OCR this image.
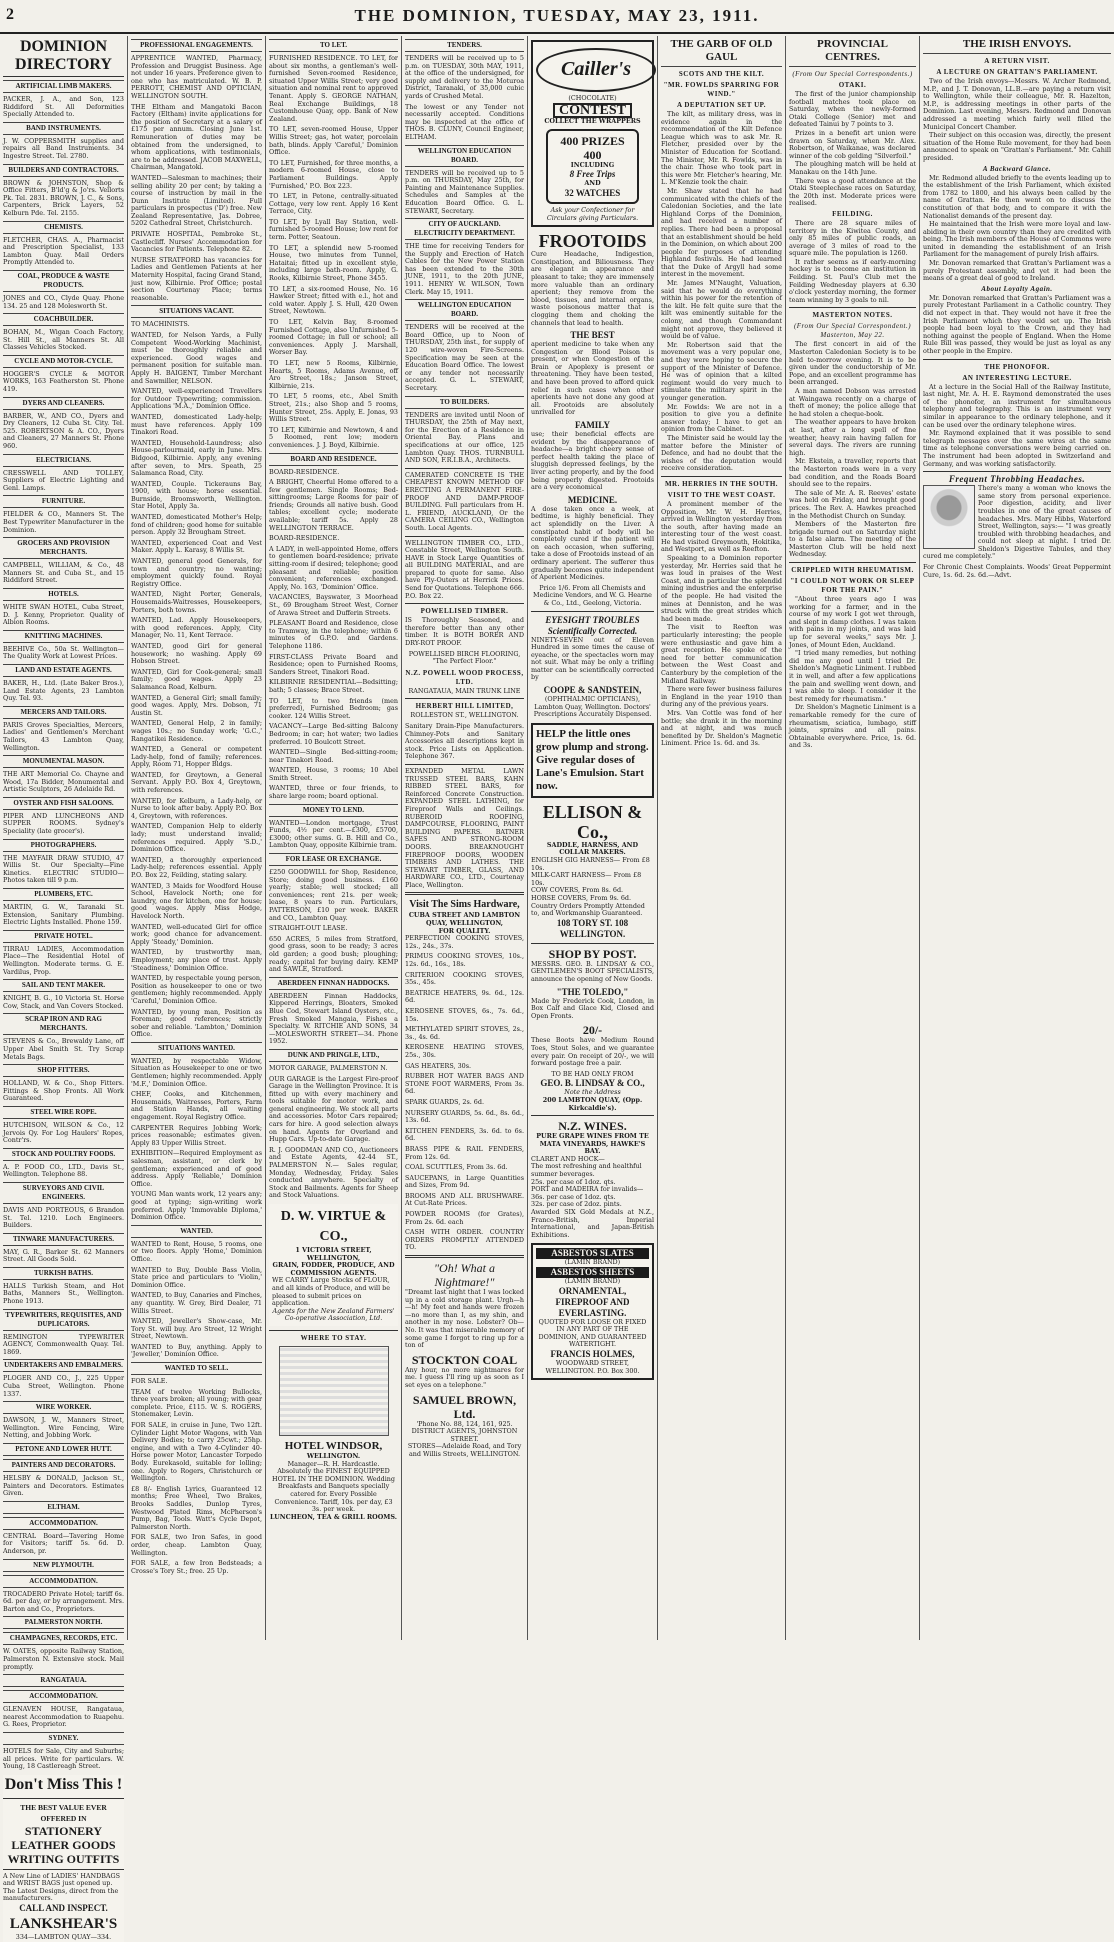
2	THE DOMINION, TUESDAY, MAY 23, 1911.
DOMINION DIRECTORY
ARTIFICIAL LIMB MAKERS.
PACKER, J. A., and Son, 123 Riddiford St. All Deformities Specially Attended to.
BAND INSTRUMENTS.
J. W. COPPERSMITH supplies and repairs all Band Instruments. 34 Ingestre Street. Tel. 2780.
BUILDERS AND CONTRACTORS.
BROWN & JOHNSTON, Shop & Office Fitters, B'ld'g & Jo'rs. Vellorts Pk. Tel. 2831. BROWN, J. C., & Sons, Carpenters, Brick Layers, 52 Kelburn Pde. Tel. 2155.
CHEMISTS.
FLETCHER, CHAS. A., Pharmacist and Prescription Specialist, 133 Lambton Quay. Mail Orders Promptly Attended to.
COAL, PRODUCE & WASTE PRODUCTS.
JONES and CO., Clyde Quay. Phone 134. 25 and 128 Molesworth St.
COACHBUILDER.
BOHAN, M., Wigan Coach Factory, St. Hill St., all Manners St. All Classes Vehicles Stocked.
CYCLE AND MOTOR-CYCLE.
HOGGER'S CYCLE & MOTOR WORKS, 163 Featherston St. Phone 419.
DYERS AND CLEANERS.
BARBER, W., AND CO., Dyers and Dry Cleaners, 12 Cuba St. City. Tel. 525. ROBERTSON & A. CO., Dyers and Cleaners, 27 Manners St. Phone 960.
ELECTRICIANS.
CRESSWELL AND TOLLEY, Suppliers of Electric Lighting and Genl. Lamps.
FURNITURE.
FIELDER & CO., Manners St. The Best Typewriter Manufacturer in the Dominion.
GROCERS AND PROVISION MERCHANTS.
CAMPBELL, WILLIAM, & Co., 48 Manners St. and Cuba St., and 15 Riddiford Street.
HOTELS.
WHITE SWAN HOTEL, Cuba Street, D. J. Kenny, Proprietor. Quality of Albion Rooms.
KNITTING MACHINES.
BEEHIVE Co., 50a St. Wellington—The Quality Work at Lowest Prices.
LAND AND ESTATE AGENTS.
BAKER, H., Ltd. (Late Baker Bros.), Land Estate Agents, 23 Lambton Quy. Tel. 93.
MERCERS AND TAILORS.
PARIS Groves Specialties, Mercers, Ladies' and Gentlemen's Merchant Tailors, 43 Lambton Quay, Wellington.
MONUMENTAL MASON.
THE ART Memorial Co. Chayne and Wood, 17a Bidder, Monumental and Artistic Sculptors, 26 Adelaide Rd.
OYSTER AND FISH SALOONS.
PIPER AND LUNCHEONS AND SUPPER ROOMS. Sydney's Speciality (late grocer's).
PHOTOGRAPHERS.
THE MAYFAIR DRAW STUDIO, 47 Willis St. Our Specialty—Fine Kinetics. ELECTRIC STUDIO—Photos taken till 9 p.m.
PLUMBERS, ETC.
MARTIN, G. W., Taranaki St. Extension, Sanitary Plumbing. Electric Lights Installed. Phone 159.
PRIVATE HOTEL.
TIRRAU LADIES, Accommodation Place—The Residential Hotel of Wellington. Moderate terms. G. E. Vardilus, Prop.
SAIL AND TENT MAKER.
KNIGHT, B. G., 10 Victoria St. Horse Cow, Stack, and Van Covers Stocked.
SCRAP IRON AND RAG MERCHANTS.
STEVENS & Co., Brewaldy Lane, off Upper Abel Smith St. Try Scrap Metals Bags.
SHOP FITTERS.
HOLLAND, W. & Co., Shop Fitters. Fittings & Shop Fronts. All Work Guaranteed.
STEEL WIRE ROPE.
HUTCHISON, WILSON & Co., 12 Jervois Qy. For Log Haulers' Ropes, Contr'rs.
STOCK AND POULTRY FOODS.
A. P. FOOD CO., LTD., Davis St., Wellington. Telephone 88.
SURVEYORS AND CIVIL ENGINEERS.
DAVIS AND PORTEOUS, 6 Brandon St. Tel. 1210. Loch Engineers. Builders.
TINWARE MANUFACTURERS.
MAY, G. R., Barker St. 62 Manners Street. All Goods Sold.
TURKISH BATHS.
HALLS Turkish Steam, and Hot Baths, Manners St., Wellington. Phone 1913.
TYPEWRITERS, REQUISITES, AND DUPLICATORS.
REMINGTON TYPEWRITER AGENCY, Commonwealth Quay. Tel. 1869.
UNDERTAKERS AND EMBALMERS.
PLOGER AND CO., J., 225 Upper Cuba Street, Wellington. Phone 1337.
WIRE WORKER.
DAWSON, J. W., Manners Street, Wellington. Wire Fencing, Wire Netting, and Jobbing Work.
PETONE AND LOWER HUTT.
PAINTERS AND DECORATORS.
HELSBY & DONALD, Jackson St., Painters and Decorators. Estimates Given.
ELTHAM.
ACCOMMODATION.
CENTRAL Board—Tavering Home for Visitors; tariff 5s. 6d. D. Anderson, pr.
NEW PLYMOUTH.
ACCOMMODATION.
TROCADERO Private Hotel; tariff 6s. 6d. per day, or by arrangement. Mrs. Barton and Co., Proprietors.
PALMERSTON NORTH.
CHAMPAGNES, RECORDS, ETC.
W. OATES, opposite Railway Station, Palmerston N. Extensive stock. Mail promptly.
RANGATAUA.
ACCOMMODATION.
GLENAVEN HOUSE, Rangataua, nearest Accommodation to Ruapehu. G. Rees, Proprietor.
SYDNEY.
HOTELS for Sale, City and Suburbs; all prices. Write for particulars. W. Young, 18 Castlereagh Street.
Don't Miss This !
THE BEST VALUE EVER OFFERED IN
STATIONERY
LEATHER GOODS
WRITING OUTFITS
A New Line of LADIES' HANDBAGS and WRIST BAGS just opened up. The Latest Designs, direct from the manufacturers.
CALL AND INSPECT.
LANKSHEAR'S
334—LAMBTON QUAY—334.
PROFESSIONAL ENGAGEMENTS.
APPRENTICE WANTED, Pharmacy, Profession and Druggist Business. Age not under 16 years. Preference given to one who has matriculated. W. B. P. PERROTT, CHEMIST AND OPTICIAN, WELLINGTON SOUTH.
THE Eltham and Mangatoki Bacon Factory (Eltham) invite applications for the position of Secretary at a salary of £175 per annum. Closing June 1st. Remuneration of duties may be obtained from the undersigned, to whom applications, with testimonials, are to be addressed. JACOB MAXWELL, Chairman, Mangatoki.
WANTED—Salesman to machines; their selling ability 20 per cent; by taking a course of instruction by mail in the Dunn Institute (Limited). Full particulars in prospectus ('D') free. New Zealand Representative, Jas. Dobree, 5202 Cathedral Street, Christchurch.
PRIVATE HOSPITAL, Pembroke St., Castlecliff. Nurses' Accommodation for Vacancies for Patients. Telephone 82.
NURSE STRATFORD has vacancies for Ladies and Gentlemen Patients at her Maternity Hospital, facing Grand Stand, just now, Kilbirnie. Prof Office; postal section Courtenay Place; terms reasonable.
SITUATIONS VACANT.
TO MACHINISTS.
WANTED, for Nelson Yards, a Fully Competent Wood-Working Machinist, must be thoroughly reliable and experienced. Good wages and permanent position for suitable man. Apply H. BAIGENT, Timber Merchant and Sawmiller, NELSON.
WANTED, well-experienced Travellers for Outdoor Typewriting; commission. Applications 'M.A.,' Dominion Office.
WANTED, domesticated Lady-help; must have references. Apply 109 Tinakori Road.
WANTED, Household-Laundress; also House-parlourmaid, early in June. Mrs. Bidgood, Kilbirnie. Apply, any evening after seven, to Mrs. Speath, 25 Salamanca Road, City.
WANTED, Couple. Tickerauns Bay, 1900, with house; horse essential. Burnside, Broomsworth, Wellington. Star Hotel, Apply 3a.
WANTED, domesticated Mother's Help; fond of children; good home for suitable person. Apply 32 Brougham Street.
WANTED, experienced Coat and Vest Maker. Apply L. Karasy, 8 Willis St.
WANTED, general good Generals, for town and country; no wanting; employment quickly found. Royal Registry Office.
WANTED, Night Porter, Generals, Housemaids-Waitresses, Housekeepers, Porters, both towns.
WANTED, Lad. Apply Housekeepers, with good references. Apply, City Manager, No. 11, Kent Terrace.
WANTED, good Girl for general housework; no washing. Apply 69 Hobson Street.
WANTED, Girl for Cook-general; small family; good wages. Apply 23 Salamanca Road, Kelburn.
WANTED, a General Girl; small family; good wages. Apply, Mrs. Dobson, 71 Austin St.
WANTED, General Help, 2 in family; wages 10s.; no Sunday work; 'G.C.,' Rangatikei Residence.
WANTED, a General or competent Lady-help, fond of family; references. Apply, Room 71, Hopper Bldgs.
WANTED, for Greytown, a General Servant. Apply P.O. Box 4, Greytown, with references.
WANTED, for Kelburn, a Lady-help, or Nurse to look after baby. Apply P.O. Box 4, Greytown, with references.
WANTED, Companion Help to elderly lady; must understand invalid; references required. Apply 'S.D.,' Dominion Office.
WANTED, a thoroughly experienced Lady-help; references essential. Apply P.O. Box 22, Feilding, stating salary.
WANTED, 3 Maids for Woodford House School, Havelock North; one for laundry, one for kitchen, one for house; good wages. Apply Miss Hodge, Havelock North.
WANTED, well-educated Girl for office work; good chance for advancement. Apply 'Steady,' Dominion.
WANTED, by trustworthy man, Employment; any place of trust. Apply 'Steadiness,' Dominion Office.
WANTED, by respectable young person, Position as housekeeper to one or two gentlemen; highly recommended. Apply 'Careful,' Dominion Office.
WANTED, by young man, Position as Foreman; good references; strictly sober and reliable. 'Lambton,' Dominion Office.
SITUATIONS WANTED.
WANTED, by respectable Widow, Situation as Housekeeper to one or two Gentlemen; highly recommended. Apply 'M.F.,' Dominion Office.
CHEF, Cooks, and Kitchenmen, Housemaids, Waitresses, Porters, Farm and Station Hands, all waiting engagement. Royal Registry Office.
CARPENTER Requires Jobbing Work; prices reasonable; estimates given. Apply 83 Upper Willis Street.
EXHIBITION—Required Employment as salesman, assistant, or clerk by gentleman; experienced and of good address. Apply 'Reliable,' Dominion Office.
YOUNG Man wants work, 12 years any; good at typing; sign-writing work preferred. Apply 'Immovable Diploma,' Dominion Office.
WANTED.
WANTED to Rent, House, 5 rooms, one or two floors. Apply 'Home,' Dominion Office.
WANTED to Buy, Double Bass Violin, State price and particulars to 'Violin,' Dominion Office.
WANTED, to Buy, Canaries and Finches, any quantity. W. Grey, Bird Dealer, 71 Willis Street.
WANTED, Jeweller's Show-case, Mr. Tory St. will buy. Aro Street, 12 Wright Street, Newtown.
WANTED to Buy, anything. Apply to 'Jeweller,' Dominion Office.
WANTED TO SELL.
FOR SALE.
TEAM of twelve Working Bullocks, three years broken; all young; with gear complete. Price, £115. W. S. ROGERS, Stonemaker, Levin.
FOR SALE, in cruise in June, Two 12ft. Cylinder Light Motor Wagons, with Van Delivery Bodies; to carry 25cwt.; 25hp. engine, and with a Two 4-Cylinder 40-Horse power Motor, Lancaster Torpedo Body. Eurekasold, suitable for lolling; one. Apply to Rogers, Christchurch or Wellington.
£8 8/- English Lyrics, Guaranteed 12 months; Free Wheel, Two Brakes, Brooks Saddles, Dunlop Tyres, Westwood Plated Rims, McPherson's Pump, Bag, Tools. Watt's Cycle Depot, Palmerston North.
FOR SALE, two Iron Safes, in good order, cheap. Lambton Quay, Wellington.
FOR SALE, a few Iron Bedsteads; a Crosse's Tory St.; free. 25 Up.
TO LET.
FURNISHED RESIDENCE. TO LET, for about six months, a gentleman's well-furnished Seven-roomed Residence, situated Upper Willis Street; very good situation and nominal rent to approved Tenant. Apply S. GEORGE NATHAN, Real Exchange Buildings, 18 Customhouse Quay, opp. Bank of New Zealand.
TO LET, seven-roomed House, Upper Willis Street; gas, hot water, porcelain bath, blinds. Apply 'Careful,' Dominion Office.
TO LET, Furnished, for three months, a modern 6-roomed House, close to Parliament Buildings. Apply 'Furnished,' P.O. Box 223.
TO LET, in Petone, centrally-situated Cottage, very low rent. Apply 16 Kent Terrace, City.
TO LET, by Lyall Bay Station, well-furnished 5-roomed House; low rent for term. Potter, Seatoun.
TO LET, a splendid new 5-roomed House, two minutes from Tunnel, Hataitai; fitted up in excellent style, including large bath-room. Apply, G. Rooks, Kilbirnie Street, Phone 3455.
TO LET, a six-roomed House, No. 16 Hawker Street; fitted with e.l., hot and cold water. Apply J. S. Hull, 420 Owen Street, Newtown.
TO LET, Kelvin Bay, 8-roomed Furnished Cottage, also Unfurnished 5-roomed Cottage; in full or school; all conveniences. Apply J. Marshall, Worser Bay.
TO LET, new 5 Rooms, Kilbirnie, Hearts, 5 Rooms, Adams Avenue, off Aro Street, 18s.; Janson Street, Kilbirnie, 21s.
TO LET, 5 rooms, etc., Abel Smith Street, 21s.; also Shop and 5 rooms, Hunter Street, 25s. Apply, E. Jonas, 93 Willis Street.
TO LET, Kilbirnie and Newtown, 4 and 5 Roomed, rent low; modern conveniences. J. J. Boyd, Kilbirnie.
BOARD AND RESIDENCE.
BOARD-RESIDENCE.
A BRIGHT, Cheerful Home offered to a few gentlemen. Single Rooms; Bed-sittingrooms; Large Rooms for pair of friends; Grounds all native bush. Good tables; excellent cycle; moderate available; tariff 5s. Apply 28 WELLINGTON TERRACE.
BOARD-RESIDENCE.
A LADY, in well-appointed Home, offers to gentlemen board-residence; private sitting-room if desired; telephone; good pleasant and reliable; position convenient; references exchanged. Apply, No. 163, 'Dominion' Office.
VACANCIES, Bayswater, 3 Moorhead St., 69 Brougham Street West, Corner of Arawa Street and Dufferin Streets.
PLEASANT Board and Residence, close to Tramway, in the telephone; within 6 minutes of G.P.O. and Gardens. Telephone 1186.
FIRST-CLASS Private Board and Residence; open to Furnished Rooms, Sanders Street, Tinakori Road.
KILBIRNIE RESIDENTIAL—Bedsitting; bath; 5 classes; Brace Street.
TO LET, to two friends (men preferred), Furnished Bedroom; gas cooker. 124 Willis Street.
VACANCY—Large Bed-sitting Balcony Bedroom; in car; hot water; two ladies preferred. 10 Boulcott Street.
WANTED—Single Bed-sitting-room; near Tinakori Road.
WANTED, House, 3 rooms; 10 Abel Smith Street.
WANTED, three or four friends, to share large room; board optional.
MONEY TO LEND.
WANTED—London mortgage, Trust Funds, 4½ per cent.—£300, £5700, £3000; other sums. G. B. Hill and Co., Lambton Quay, opposite Kilbirnie tram.
FOR LEASE OR EXCHANGE.
£250 GOODWILL for Shop, Residence, Store; doing good business. £160 yearly; stable; well stocked; all conveniences; rent 21s. per week; lease, 8 years to run. Particulars, PATTERSON, £10 per week. BAKER and CO., Lambton Quay.
STRAIGHT-OUT LEASE.
650 ACRES, 5 miles from Stratford, good grass, soon to be ready; 3 acres old garden; a good bush; ploughing; ready; capital for buying dairy. KEMP and SAWLE, Stratford.
ABERDEEN FINNAN HADDOCKS.
ABERDEEN Finnan Haddocks, Kippered Herrings, Bloaters, Smoked Blue Cod, Stewart Island Oysters, etc., Fresh Smoked Mangaia, Fishes a Specialty. W. RITCHIE AND SONS, 34—MOLESWORTH STREET—34. Phone 1952.
DUNK AND PRINGLE, LTD.,
MOTOR GARAGE, PALMERSTON N.
OUR GARAGE is the Largest Fire-proof Garage in the Wellington Province. It is fitted up with every machinery and tools suitable for motor work, and general engineering. We stock all parts and accessories. Motor Cars repaired; cars for hire. A good selection always on hand. Agents for Overland and Hupp Cars. Up-to-date Garage.
R. J. GOODMAN AND CO., Auctioneers and Estate Agents, 42-44 ST., PALMERSTON N.— Sales regular, Monday, Wednesday, Friday. Sales conducted anywhere. Specialty of Stock and Bailments. Agents for Sheep and Stock Valuations.
D. W. VIRTUE & CO.,
1 VICTORIA STREET, WELLINGTON,
GRAIN, FODDER, PRODUCE, AND COMMISSION AGENTS.
WE CARRY Large Stocks of FLOUR, and all kinds of Produce, and will be pleased to submit prices on application.
Agents for the New Zealand Farmers' Co-operative Association, Ltd.
WHERE TO STAY.
HOTEL WINDSOR,
WELLINGTON.
Manager—R. H. Hardcastle.
Absolutely the FINEST EQUIPPED HOTEL IN THE DOMINION. Wedding Breakfasts and Banquets specially catered for. Every Possible Convenience. Tariff, 10s. per day, £3 3s. per week.
LUNCHEON, TEA & GRILL ROOMS.
TENDERS.
TENDERS will be received up to 5 p.m. on TUESDAY, 30th MAY, 1911, at the office of the undersigned, for supply and delivery to the Moturoa District, Taranaki, of 35,000 cubic yards of Crushed Metal.
The lowest or any Tender not necessarily accepted. Conditions may be inspected at the office of THOS. B. CLUNY, Council Engineer, ELTHAM.
WELLINGTON EDUCATION BOARD.
TENDERS will be received up to 5 p.m. on THURSDAY, May 25th, for Painting and Maintenance Supplies. Schedules and Samples at the Education Board Office. G. L. STEWART, Secretary.
CITY OF AUCKLAND. ELECTRICITY DEPARTMENT.
THE time for receiving Tenders for the Supply and Erection of Hatch Cables for the New Power Station has been extended to the 30th JUNE, 1911, to the 20th JUNE, 1911. HENRY W. WILSON, Town Clerk. May 15, 1911.
WELLINGTON EDUCATION BOARD.
TENDERS will be received at the Board Office, up to Noon of THURSDAY, 25th inst., for supply of 120 wire-woven Fire-Screens. Specification may be seen at the Education Board Office. The lowest or any tender not necessarily accepted. G. L. STEWART, Secretary.
TO BUILDERS.
TENDERS are invited until Noon of THURSDAY, the 25th of May next, for the Erection of a Residence in Oriental Bay. Plans and specifications at our office, 125 Lambton Quay. THOS. TURNBULL AND SON, F.R.I.B.A., Architects.
CAMERATED CONCRETE IS THE CHEAPEST KNOWN METHOD OF ERECTING A PERMANENT FIRE-PROOF AND DAMP-PROOF BUILDING. Full particulars from H. L. FRIEND, AUCKLAND, Or the CAMERA CEILING CO., Wellington South. Local Agents.
WELLINGTON TIMBER CO., LTD., Constable Street, Wellington South. HAVE in Stock Large Quantities of all BUILDING MATERIAL, and are prepared to quote for same. Also have Ply-Outers at Herrick Prices. Send for Quotations. Telephone 666. P.O. Box 22.
POWELLISED TIMBER.
IS Thoroughly Seasoned, and therefore better than any other timber. It is BOTH BORER AND DRY-ROT PROOF.
POWELLISED BIRCH FLOORING, "The Perfect Floor."
N.Z. POWELL WOOD PROCESS, LTD.
RANGATAUA, MAIN TRUNK LINE
HERBERT HILL LIMITED,
ROLLESTON ST., WELLINGTON.
Sanitary Drain-Pipe Manufacturers. Chimney-Pots and Sanitary Accessories all descriptions kept in stock. Price Lists on Application. Telephone 367.
EXPANDED METAL LAWN TRUSSED STEEL BARS, KAHN RIBBED STEEL BARS, for Reinforced Concrete Construction. EXPANDED STEEL LATHING, for Fireproof Walls and Ceilings. RUBEROID ROOFING, DAMPCOURSE, FLOORING, PAINT BUILDING PAPERS. BATNER SAFES AND STRONG-ROOM DOORS. BREAKNOUGHT FIREPROOF DOORS, WOODEN TIMBERS AND LATHES. THE STEWART TIMBER, GLASS, AND HARDWARE CO., LTD., Courtenay Place, Wellington.
Visit The Sims Hardware,
CUBA STREET AND LAMBTON QUAY, WELLINGTON,
FOR QUALITY.
PERFECTION COOKING STOVES, 12s., 24s., 37s.
PRIMUS COOKING STOVES, 10s., 12s. 6d., 16s., 18s.
CRITERION COOKING STOVES, 35s., 45s.
BEATRICE HEATERS, 9s. 6d., 12s. 6d.
KEROSENE STOVES, 6s., 7s. 6d., 15s.
METHYLATED SPIRIT STOVES, 2s., 3s., 4s. 6d.
KEROSENE HEATING STOVES, 25s., 30s.
GAS HEATERS, 30s.
RUBBER HOT WATER BAGS AND STONE FOOT WARMERS, From 3s. 6d.
SPARK GUARDS, 2s. 6d.
NURSERY GUARDS, 5s. 6d., 8s. 6d., 13s. 6d.
KITCHEN FENDERS, 3s. 6d. to 6s. 6d.
BRASS PIPE & RAIL FENDERS, From 12s. 6d.
COAL SCUTTLES, From 3s. 6d.
SAUCEPANS, in Large Quantities and Sizes, From 9d.
BROOMS AND ALL BRUSHWARE. At Cut-Rate Prices.
POWDER ROOMS (for Grates), From 2s. 6d. each
CASH WITH ORDER. COUNTRY ORDERS PROMPTLY ATTENDED TO.
"Oh! What a Nightmare!"
"Dreamt last night that I was locked up in a cold storage plant. Urgh—h—h! My feet and hands were frozen—no more than I, as my shin, and another in my nose. Lobster? Ob—No. It was that miserable memory of some game I forgot to ring up for a ton of
STOCKTON COAL
Any hour, no more nightmares for me. I guess I'll ring up as soon as I set eyes on a telephone."
SAMUEL BROWN, Ltd.
'Phone No. 88, 124, 161, 925.
DISTRICT AGENTS, JOHNSTON STREET.
STORES—Adelaide Road, and Tory and Willis Streets, WELLINGTON.
Cailler's
(CHOCOLATE)
CONTEST
COLLECT THE WRAPPERS
400 PRIZES 400
INCLUDING
8 Free Trips
AND
32 WATCHES
Ask your Confectioner for Circulars giving Particulars.
FROOTOIDS
Cure Headache, Indigestion, Constipation, and Biliousness. They are elegant in appearance and pleasant to take; they are immensely more valuable than an ordinary aperient; they remove from the blood, tissues, and internal organs, waste poisonous matter that is clogging them and choking the channels that lead to health.
THE BEST
aperient medicine to take when any Congestion or Blood Poison is present, or when Congestion of the Brain or Apoplexy is present or threatening. They have been tested, and have been proved to afford quick relief in such cases when other aperients have not done any good at all. Frootoids are absolutely unrivalled for
FAMILY
use; their beneficial effects are evident by the disappearance of headache—a bright cheery sense of perfect health taking the place of sluggish depressed feelings, by the liver acting properly, and by the food being properly digested. Frootoids are a very economical
MEDICINE.
A dose taken once a week, at bedtime, is highly beneficial. They act splendidly on the Liver. A constipated habit of body will be completely cured if the patient will on each occasion, when suffering, take a dose of Frootoids instead of an ordinary aperient. The sufferer thus gradually becomes quite independent of Aperient Medicines.
Price 1/6. From all Chemists and Medicine Vendors, and W. G. Hearne & Co., Ltd., Geelong, Victoria.
EYESIGHT TROUBLES Scientifically Corrected.
NINETY-SEVEN out of Eleven Hundred in some times the cause of eyeache, or the spectacles worn may not suit. What may be only a trifling matter can be scientifically corrected by
COOPE & SANDSTEIN,
(OPHTHALMIC OPTICIANS), Lambton Quay, Wellington. Doctors' Prescriptions Accurately Dispensed.
HELP the little ones grow plump and strong. Give regular doses of Lane's Emulsion. Start now.
ELLISON & Co.,
SADDLE, HARNESS, AND COLLAR MAKERS.
ENGLISH GIG HARNESS— From £8 10s.
MILK-CART HARNESS— From £8 10s.
COW COVERS, From 8s. 6d.
HORSE COVERS, From 9s. 6d.
Country Orders Promptly Attended to, and Workmanship Guaranteed.
108 TORY ST. 108 WELLINGTON.
SHOP BY POST.
MESSRS. GEO. B. LINDSAY & CO., GENTLEMEN'S BOOT SPECIALISTS, announce the opening of New Goods.
"THE TOLEDO,"
Made by Frederick Cook, London, in Box Calf and Glace Kid, Closed and Open Fronts.
20/-
These Boots have Medium Round Toes, Stout Soles, and we guarantee every pair. On receipt of 20/-, we will forward postage free a pair.
TO BE HAD ONLY FROM
GEO. B. LINDSAY & CO.,
Note the Address
200 LAMBTON QUAY, (Opp. Kirkcaldie's).
N.Z. WINES.
PURE GRAPE WINES FROM TE MATA VINEYARDS, HAWKE'S BAY.
CLARET AND HOCK—
The most refreshing and healthful summer beverages.
25s. per case of 1doz. qts.
PORT and MADEIRA for invalids—
36s. per case of 1doz. qts.
32s. per case of 2doz. pints.
Awarded SIX Gold Medals at N.Z., Franco-British, Imperial International, and Japan-British Exhibitions.
ASBESTOS SLATES
(LAMIN BRAND)
ASBESTOS SHEETS
(LAMIN BRAND)
ORNAMENTAL, FIREPROOF AND EVERLASTING.
QUOTED FOR LOOSE OR FIXED IN ANY PART OF THE DOMINION, AND GUARANTEED WATERTIGHT.
FRANCIS HOLMES,
WOODWARD STREET, WELLINGTON. P.O. Box 300.
THE GARB OF OLD GAUL
SCOTS AND THE KILT.
"MR. FOWLDS SPARRING FOR WIND."
A DEPUTATION SET UP.

The kilt, as military dress, was in evidence again in the recommendation of the Kilt Defence League which was to ask Mr. R. Fletcher, presided over by the Minister of Education for Scotland. The Minister, Mr. R. Fowlds, was in the chair. Those who took part in this were Mr. Fletcher's hearing, Mr. L. M'Kenzie took the chair.

Mr. Shaw stated that he had communicated with the chiefs of the Caledonian Societies, and the late Highland Corps of the Dominion, and had received a number of replies. There had been a proposal that an establishment should be held in the Dominion, on which about 200 people for purposes of attending Highland festivals. He had learned that the Duke of Argyll had some interest in the movement.

Mr. James M'Naught, Valuation, said that he would do everything within his power for the retention of the kilt. He felt quite sure that the kilt was eminently suitable for the colony, and though Commandant might not approve, they believed it would be of value.

Mr. Robertson said that the movement was a very popular one, and they were hoping to secure the support of the Minister of Defence. He was of opinion that a kilted regiment would do very much to stimulate the military spirit in the younger generation.

Mr. Fowlds: We are not in a position to give you a definite answer today; I have to get an opinion from the Cabinet.

The Minister said he would lay the matter before the Minister of Defence, and had no doubt that the wishes of the deputation would receive consideration.

MR. HERRIES IN THE SOUTH.
VISIT TO THE WEST COAST.

A prominent member of the Opposition, Mr. W. H. Herries, arrived in Wellington yesterday from the south, after having made an interesting tour of the west coast. He had visited Greymouth, Hokitika, and Westport, as well as Reefton.

Speaking to a Dominion reporter yesterday, Mr. Herries said that he was loud in praises of the West Coast, and in particular the splendid mining industries and the enterprise of the people. He had visited the mines at Denniston, and he was struck with the great strides which had been made.

The visit to Reefton was particularly interesting; the people were enthusiastic and gave him a great reception. He spoke of the need for better communication between the West Coast and Canterbury by the completion of the Midland Railway.

There were fewer business failures in England in the year 1910 than during any of the previous years.

Mrs. Van Cottle was fond of her bottle; she drank it in the morning and at night, and was much benefited by Dr. Sheldon's Magnetic Liniment. Price 1s. 6d. and 3s.

PROVINCIAL CENTRES.
(From Our Special Correspondents.)
OTAKI.

The first of the junior championship football matches took place on Saturday, when the newly-formed Otaki College (Senior) met and defeated Tainui by 7 points to 3.

Prizes in a benefit art union were drawn on Saturday, when Mr. Alex. Robertson, of Waikanae, was declared winner of the cob gelding "Silverfoil."

The ploughing match will be held at Manakau on the 14th June.

There was a good attendance at the Otaki Steeplechase races on Saturday, the 20th inst. Moderate prices were realised.

FEILDING.

There are 28 square miles of territory in the Kiwitea County, and only 85 miles of public roads, an average of 3 miles of road to the square mile. The population is 1260.

It rather seems as if early-morning hockey is to become an institution in Feilding. St. Paul's Club met the Feilding Wednesday players at 6.30 o'clock yesterday morning, the former team winning by 3 goals to nil.

MASTERTON NOTES.
(From Our Special Correspondent.) Masterton, May 22.

The first concert in aid of the Masterton Caledonian Society is to be held to-morrow evening. It is to be given under the conductorship of Mr. Pope, and an excellent programme has been arranged.

A man named Dobson was arrested at Waingawa recently on a charge of theft of money; the police allege that he had stolen a cheque-book.

The weather appears to have broken at last, after a long spell of fine weather, heavy rain having fallen for several days. The rivers are running high.

Mr. Ekstein, a traveller, reports that the Masterton roads were in a very bad condition, and the Roads Board should see to the repairs.

The sale of Mr. A. R. Reeves' estate was held on Friday, and brought good prices. The Rev. A. Hawkes preached in the Methodist Church on Sunday.

Members of the Masterton fire brigade turned out on Saturday night to a false alarm. The meeting of the Masterton Club will be held next Wednesday.

CRIPPLED WITH RHEUMATISM.
"I COULD NOT WORK OR SLEEP FOR THE PAIN."

"About three years ago I was working for a farmer, and in the course of my work I got wet through, and slept in damp clothes. I was taken with pains in my joints, and was laid up for several weeks," says Mr. J. Jones, of Mount Eden, Auckland.

"I tried many remedies, but nothing did me any good until I tried Dr. Sheldon's Magnetic Liniment. I rubbed it in well, and after a few applications the pain and swelling went down, and I was able to sleep. I consider it the best remedy for rheumatism."

Dr. Sheldon's Magnetic Liniment is a remarkable remedy for the cure of rheumatism, sciatica, lumbago, stiff joints, sprains and all pains. Obtainable everywhere. Price, 1s. 6d. and 3s.

THE IRISH ENVOYS.
A RETURN VISIT.
A LECTURE ON GRATTAN'S PARLIAMENT.

Two of the Irish envoys—Messrs. W. Archer Redmond, M.P., and J. T. Donovan, LL.B.—are paying a return visit to Wellington, while their colleague, Mr. R. Hazelton, M.P., is addressing meetings in other parts of the Dominion. Last evening, Messrs. Redmond and Donovan addressed a meeting which fairly well filled the Municipal Concert Chamber.

Their subject on this occasion was, directly, the present situation of the Home Rule movement, for they had been announced to speak on "Grattan's Parliament." Mr. Cahill presided.

A Backward Glance.

Mr. Redmond alluded briefly to the events leading up to the establishment of the Irish Parliament, which existed from 1782 to 1800, and his always been called by the name of Grattan. He then went on to discuss the constitution of that body, and to compare it with the Nationalist demands of the present day.

He maintained that the Irish were more loyal and law-abiding in their own country than they are credited with being. The Irish members of the House of Commons were united in demanding the establishment of an Irish Parliament for the management of purely Irish affairs.

Mr. Donovan remarked that Grattan's Parliament was a purely Protestant assembly, and yet it had been the means of a great deal of good to Ireland.

About Loyalty Again.

Mr. Donovan remarked that Grattan's Parliament was a purely Protestant Parliament in a Catholic country. They did not expect in that. They would not have it free the Irish Parliament which they would set up. The Irish people had been loyal to the Crown, and they had nothing against the people of England. When the Home Rule Bill was passed, they would be just as loyal as any other people in the Empire.

THE PHONOFOR.
AN INTERESTING LECTURE.

At a lecture in the Social Hall of the Railway Institute, last night, Mr. A. H. E. Raymond demonstrated the uses of the phonofor, an instrument for simultaneous telephony and telegraphy. This is an instrument very similar in appearance to the ordinary telephone, and it can be used over the ordinary telephone wires.

Mr. Raymond explained that it was possible to send telegraph messages over the same wires at the same time as telephone conversations were being carried on. The instrument had been adopted in Switzerland and Germany, and was working satisfactorily.

Frequent Throbbing Headaches.
There's many a woman who knows the same story from personal experience. Poor digestion, acidity, and liver troubles in one of the great causes of headaches. Mrs. Mary Hibbs, Waterford Street, Wellington, says:— "I was greatly troubled with throbbing headaches, and could not sleep at night. I tried Dr. Sheldon's Digestive Tabules, and they cured me completely."
For Chronic Chest Complaints. Woods' Great Peppermint Cure, 1s. 6d. 2s. 6d.—Advt.
